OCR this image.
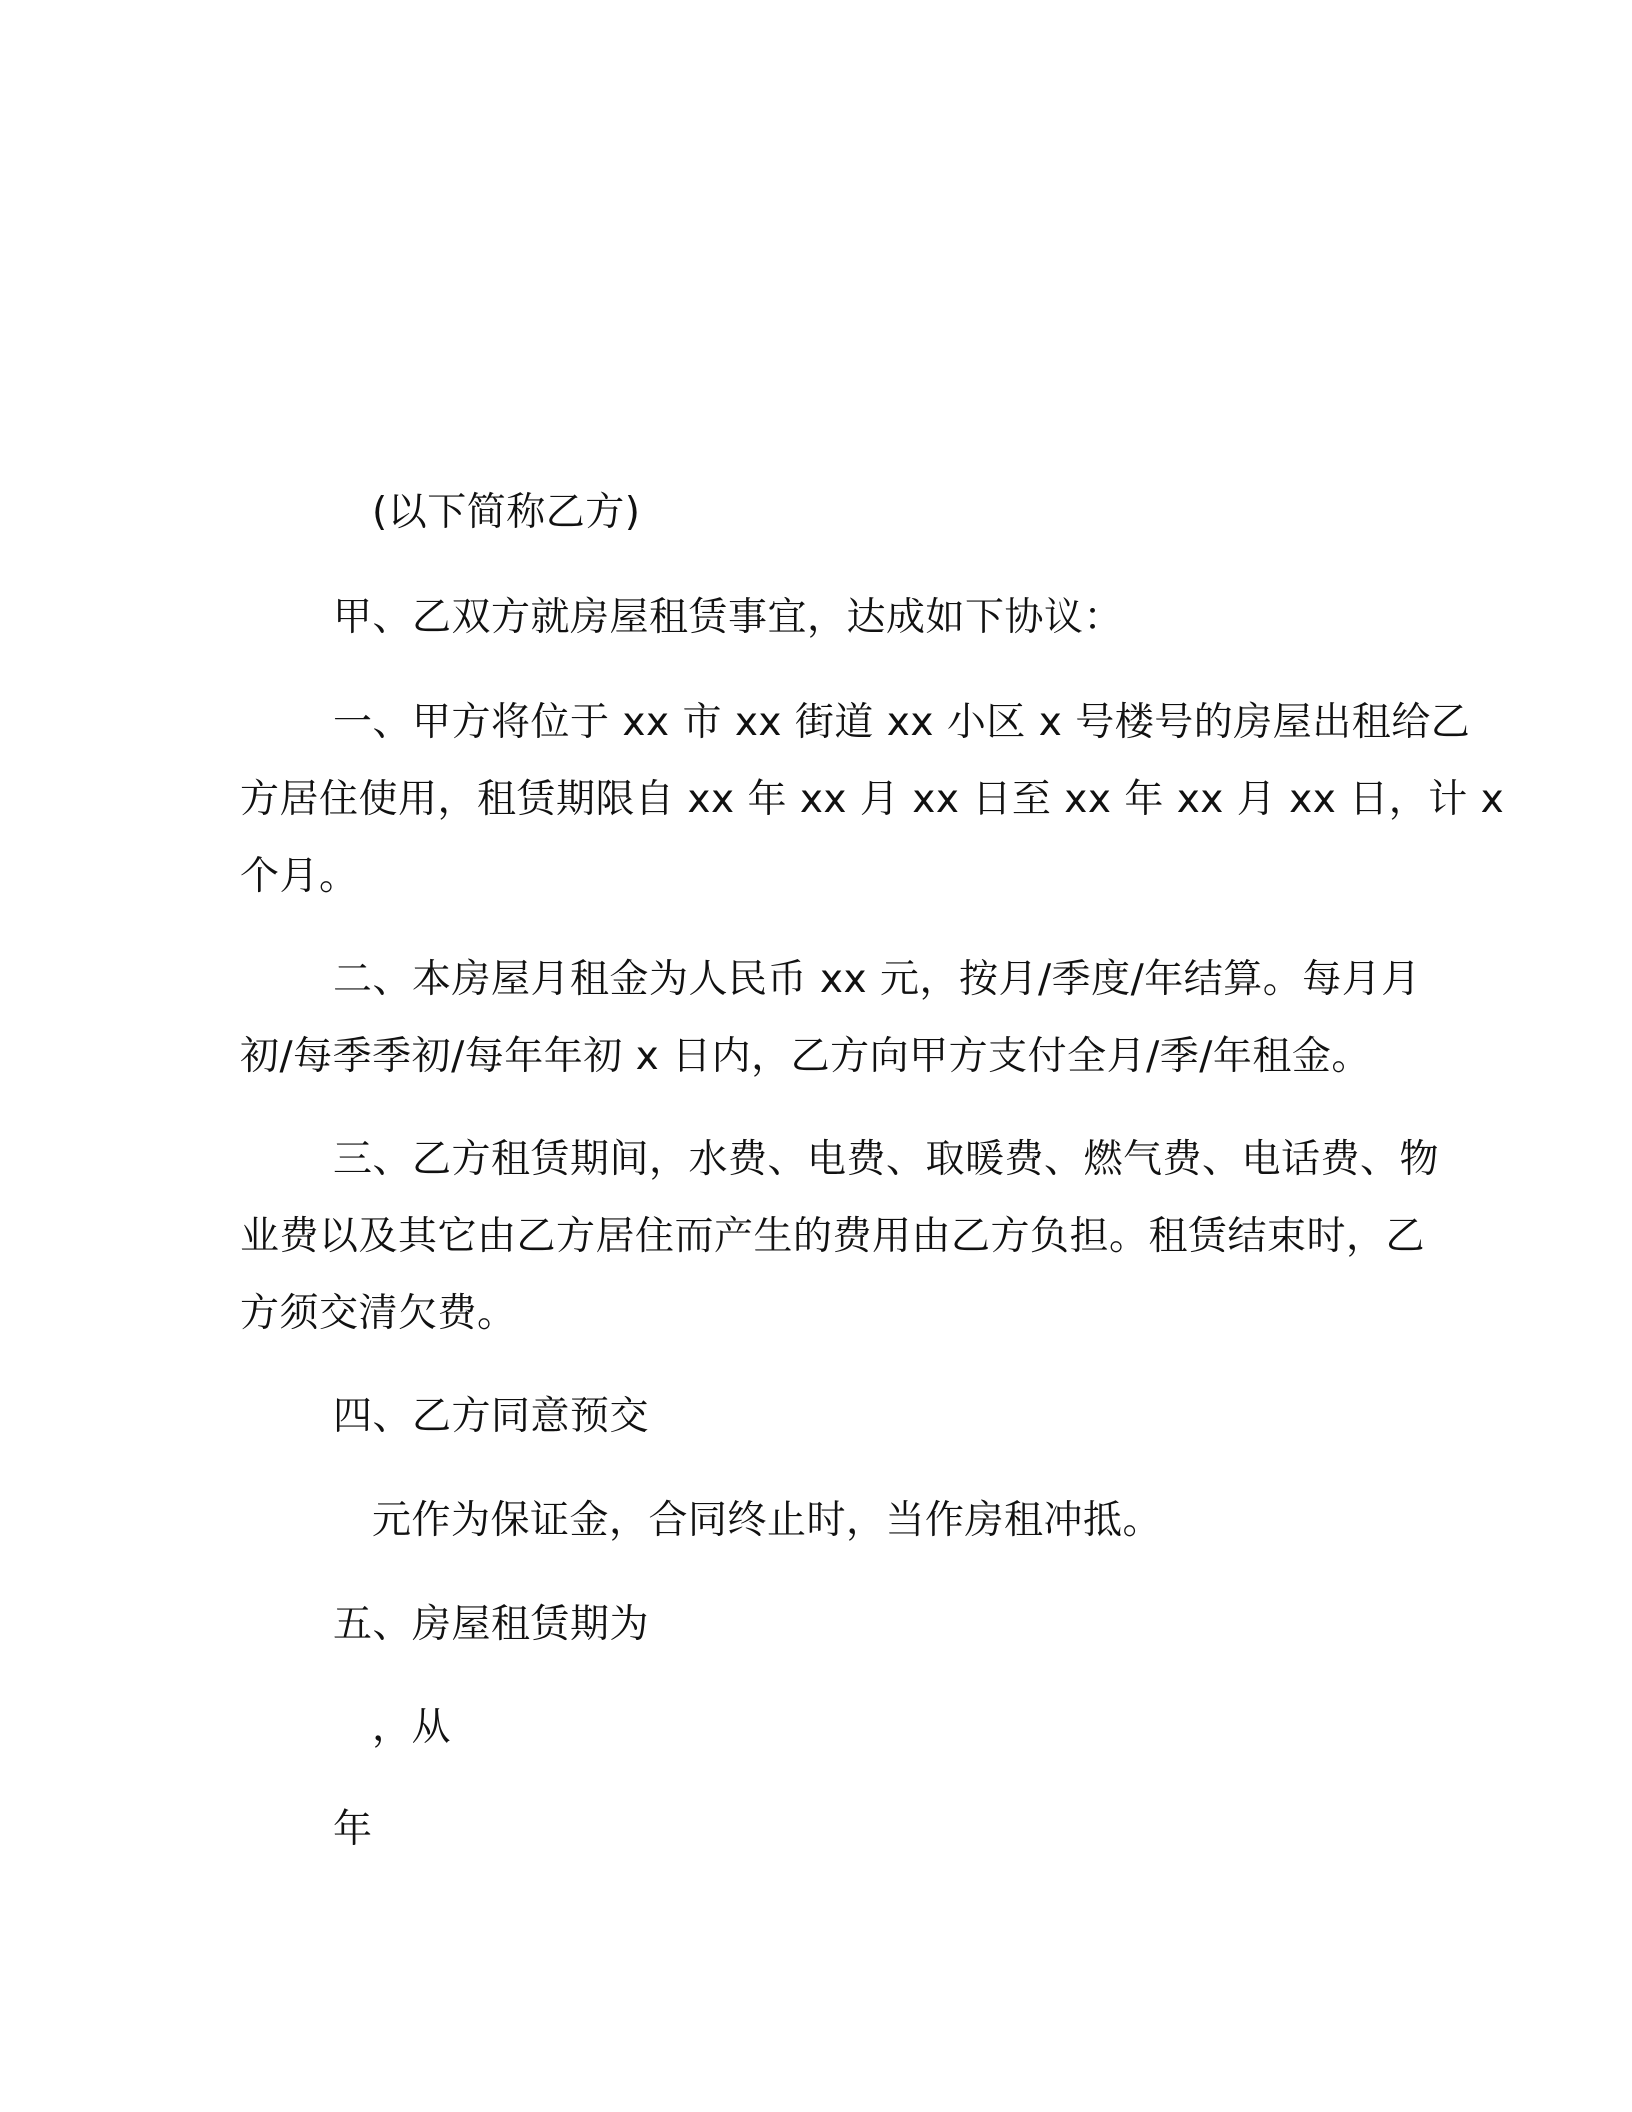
(以下简称乙方)
甲、乙双方就房屋租赁事宜，达成如下协议：
一、甲方将位于 xx 市 xx 街道 xx 小区 x 号楼号的房屋出租给乙
方居住使用，租赁期限自 xx 年 xx 月 xx 日至 xx 年 xx 月 xx 日，计 x
个月。
二、本房屋月租金为人民币 xx 元，按月/季度/年结算。每月月
初/每季季初/每年年初 x 日内，乙方向甲方支付全月/季/年租金。
三、乙方租赁期间，水费、电费、取暖费、燃气费、电话费、物
业费以及其它由乙方居住而产生的费用由乙方负担。租赁结束时，乙
方须交清欠费。
四、乙方同意预交
元作为保证金，合同终止时，当作房租冲抵。
五、房屋租赁期为
，从
年
